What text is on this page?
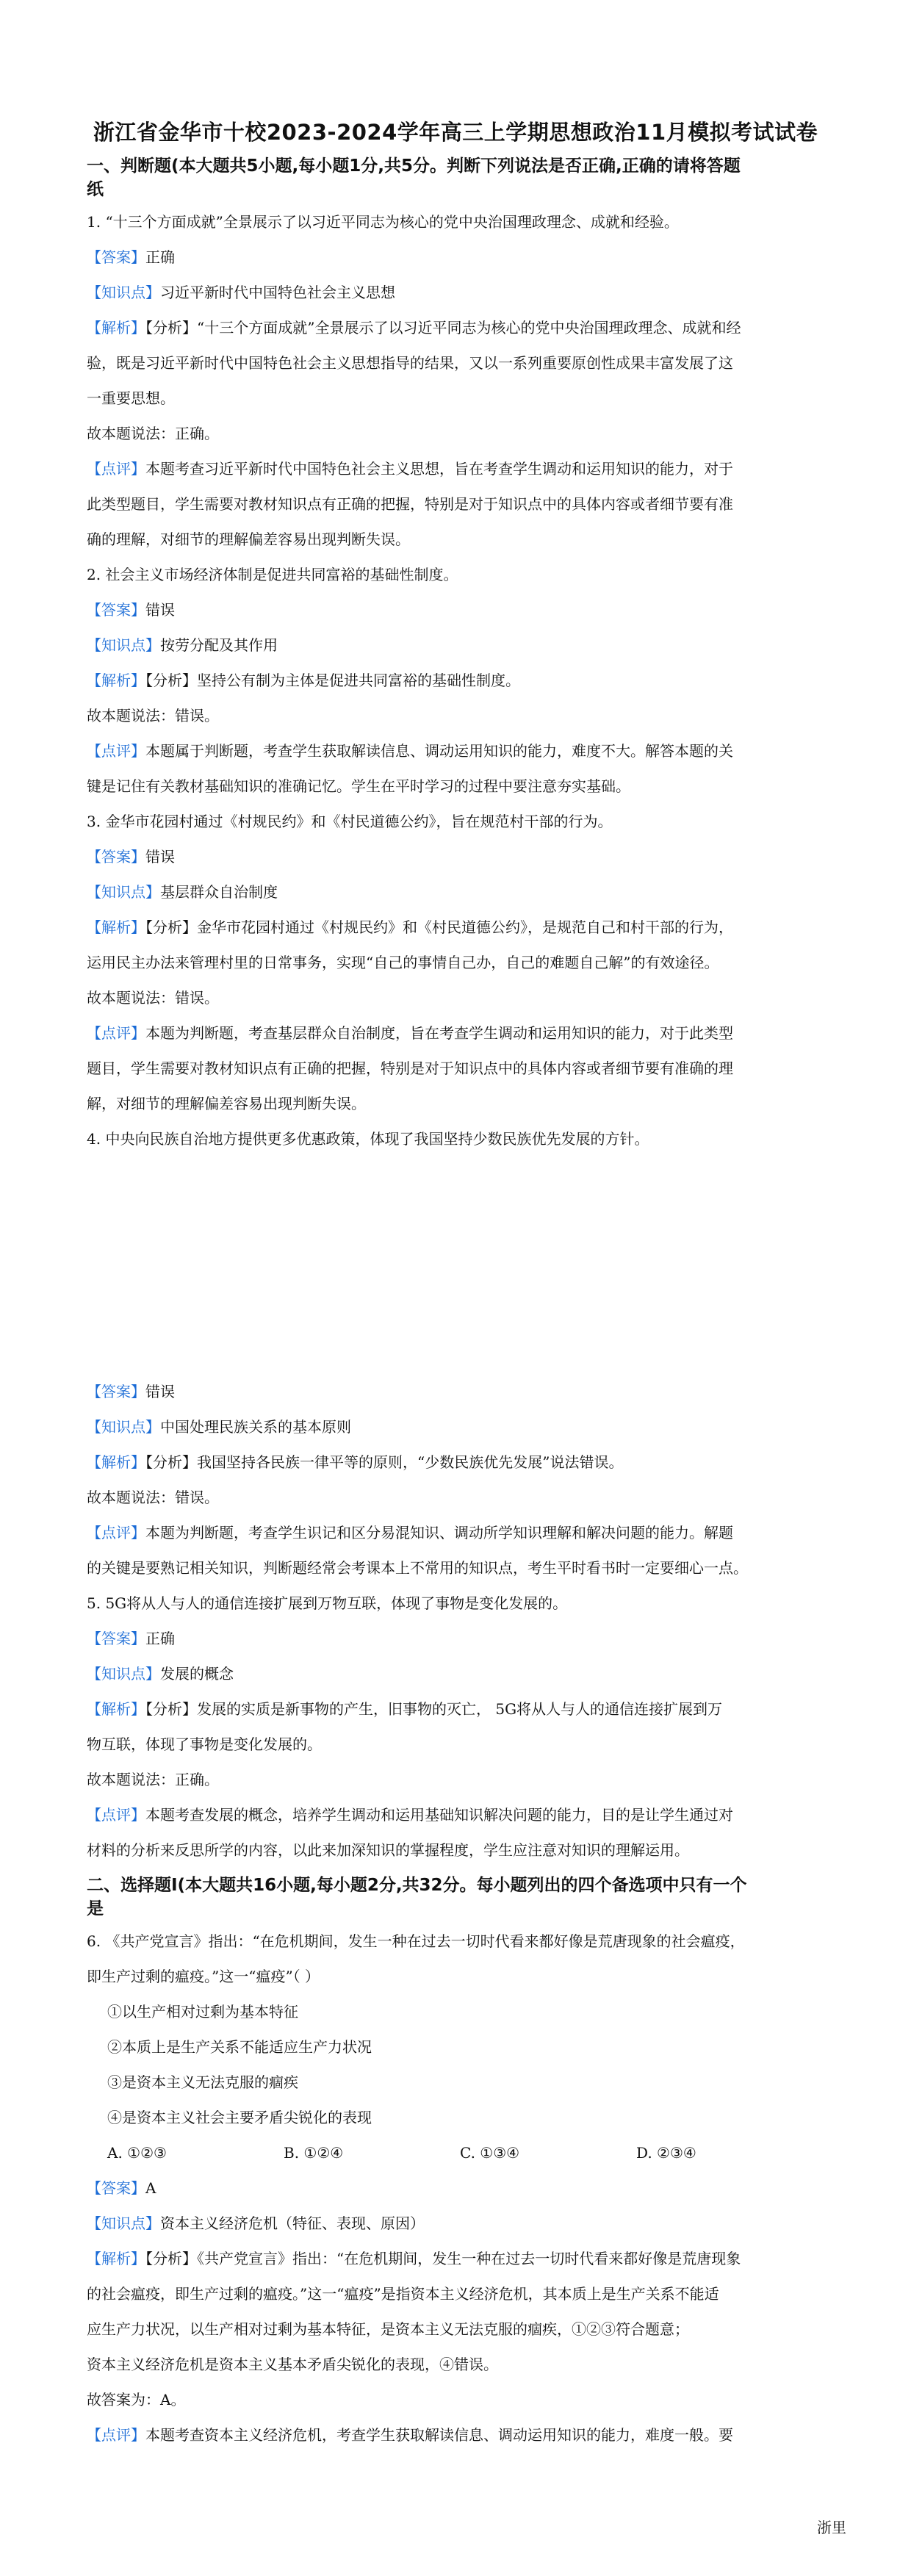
浙江省金华市十校2023-2024学年高三上学期思想政治11月模拟考试试卷
一、判断题(本大题共5小题,每小题1分,共5分。判断下列说法是否正确,正确的请将答题
纸
1. “十三个方面成就”全景展示了以习近平同志为核心的党中央治国理政理念、成就和经验。
【答案】正确
【知识点】习近平新时代中国特色社会主义思想
【解析】【分析】“十三个方面成就”全景展示了以习近平同志为核心的党中央治国理政理念、成就和经
验，既是习近平新时代中国特色社会主义思想指导的结果，又以一系列重要原创性成果丰富发展了这
一重要思想。
故本题说法：正确。
【点评】本题考查习近平新时代中国特色社会主义思想，旨在考查学生调动和运用知识的能力，对于
此类型题目，学生需要对教材知识点有正确的把握，特别是对于知识点中的具体内容或者细节要有准
确的理解，对细节的理解偏差容易出现判断失误。
2. 社会主义市场经济体制是促进共同富裕的基础性制度。
【答案】错误
【知识点】按劳分配及其作用
【解析】【分析】坚持公有制为主体是促进共同富裕的基础性制度。
故本题说法：错误。
【点评】本题属于判断题，考查学生获取解读信息、调动运用知识的能力，难度不大。解答本题的关
键是记住有关教材基础知识的准确记忆。学生在平时学习的过程中要注意夯实基础。
3. 金华市花园村通过《村规民约》和《村民道德公约》，旨在规范村干部的行为。
【答案】错误
【知识点】基层群众自治制度
【解析】【分析】金华市花园村通过《村规民约》和《村民道德公约》，是规范自己和村干部的行为，
运用民主办法来管理村里的日常事务，实现“自己的事情自己办，自己的难题自己解”的有效途径。
故本题说法：错误。
【点评】本题为判断题，考查基层群众自治制度，旨在考查学生调动和运用知识的能力，对于此类型
题目，学生需要对教材知识点有正确的把握，特别是对于知识点中的具体内容或者细节要有准确的理
解，对细节的理解偏差容易出现判断失误。
4. 中央向民族自治地方提供更多优惠政策，体现了我国坚持少数民族优先发展的方针。
【答案】错误
【知识点】中国处理民族关系的基本原则
【解析】【分析】我国坚持各民族一律平等的原则，“少数民族优先发展”说法错误。
故本题说法：错误。
【点评】本题为判断题，考查学生识记和区分易混知识、调动所学知识理解和解决问题的能力。解题
的关键是要熟记相关知识，判断题经常会考课本上不常用的知识点，考生平时看书时一定要细心一点。
5. 5G将从人与人的通信连接扩展到万物互联，体现了事物是变化发展的。
【答案】正确
【知识点】发展的概念
【解析】【分析】发展的实质是新事物的产生，旧事物的灭亡， 5G将从人与人的通信连接扩展到万
物互联，体现了事物是变化发展的。
故本题说法：正确。
【点评】本题考查发展的概念，培养学生调动和运用基础知识解决问题的能力，目的是让学生通过对
材料的分析来反思所学的内容，以此来加深知识的掌握程度，学生应注意对知识的理解运用。
二、选择题Ⅰ(本大题共16小题,每小题2分,共32分。每小题列出的四个备选项中只有一个
是
6. 《共产党宣言》指出：“在危机期间，发生一种在过去一切时代看来都好像是荒唐现象的社会瘟疫，
即生产过剩的瘟疫。”这一“瘟疫”（ ）
①以生产相对过剩为基本特征
②本质上是生产关系不能适应生产力状况
③是资本主义无法克服的痼疾
④是资本主义社会主要矛盾尖锐化的表现
A. ①②③	B. ①②④	C. ①③④	D. ②③④
【答案】A
【知识点】资本主义经济危机（特征、表现、原因）
【解析】【分析】《共产党宣言》指出：“在危机期间，发生一种在过去一切时代看来都好像是荒唐现象
的社会瘟疫，即生产过剩的瘟疫。”这一“瘟疫”是指资本主义经济危机，其本质上是生产关系不能适
应生产力状况，以生产相对过剩为基本特征，是资本主义无法克服的痼疾，①②③符合题意；
资本主义经济危机是资本主义基本矛盾尖锐化的表现，④错误。
故答案为：A。
【点评】本题考查资本主义经济危机，考查学生获取解读信息、调动运用知识的能力，难度一般。要
浙里
